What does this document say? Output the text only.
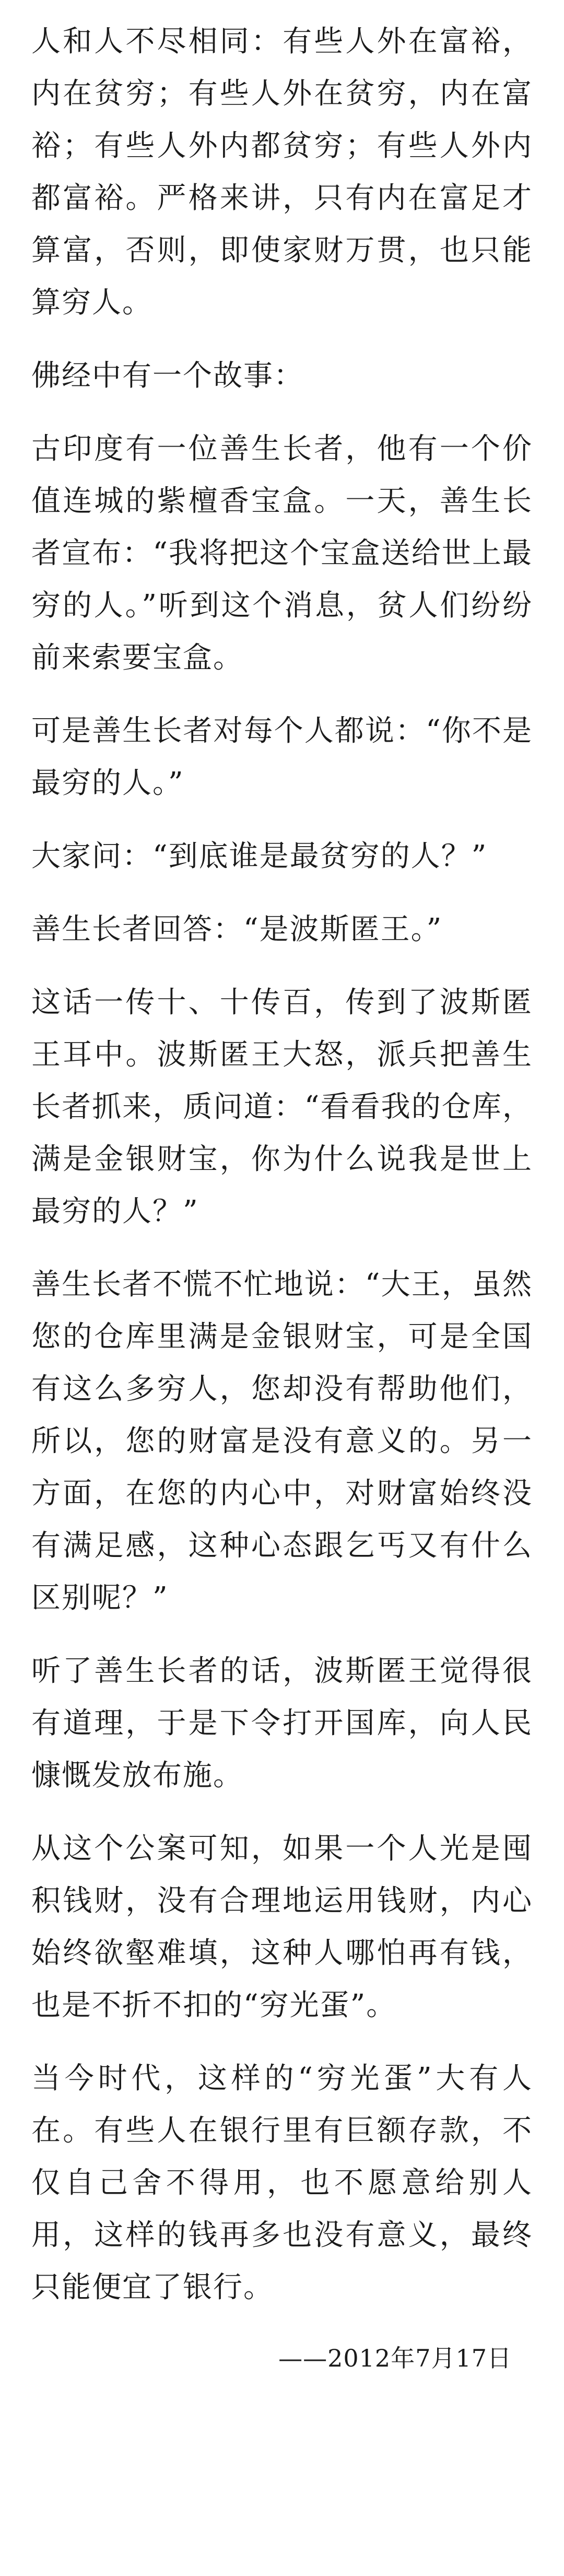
人和人不尽相同：有些人外在富裕，内在贫穷；有些人外在贫穷，内在富裕；有些人外内都贫穷；有些人外内都富裕。严格来讲，只有内在富足才算富，否则，即使家财万贯，也只能算穷人。

佛经中有一个故事：

古印度有一位善生长者，他有一个价值连城的紫檀香宝盒。一天，善生长者宣布：“我将把这个宝盒送给世上最穷的人。”听到这个消息，贫人们纷纷前来索要宝盒。

可是善生长者对每个人都说：“你不是最穷的人。”

大家问：“到底谁是最贫穷的人？”

善生长者回答：“是波斯匿王。”

这话一传十、十传百，传到了波斯匿王耳中。波斯匿王大怒，派兵把善生长者抓来，质问道：“看看我的仓库，满是金银财宝，你为什么说我是世上最穷的人？”

善生长者不慌不忙地说：“大王，虽然您的仓库里满是金银财宝，可是全国有这么多穷人，您却没有帮助他们，所以，您的财富是没有意义的。另一方面，在您的内心中，对财富始终没有满足感，这种心态跟乞丐又有什么区别呢？”

听了善生长者的话，波斯匿王觉得很有道理，于是下令打开国库，向人民慷慨发放布施。

从这个公案可知，如果一个人光是囤积钱财，没有合理地运用钱财，内心始终欲壑难填，这种人哪怕再有钱，也是不折不扣的“穷光蛋”。

当今时代，这样的“穷光蛋”大有人在。有些人在银行里有巨额存款，不仅自己舍不得用，也不愿意给别人用，这样的钱再多也没有意义，最终只能便宜了银行。

——2012年7月17日
